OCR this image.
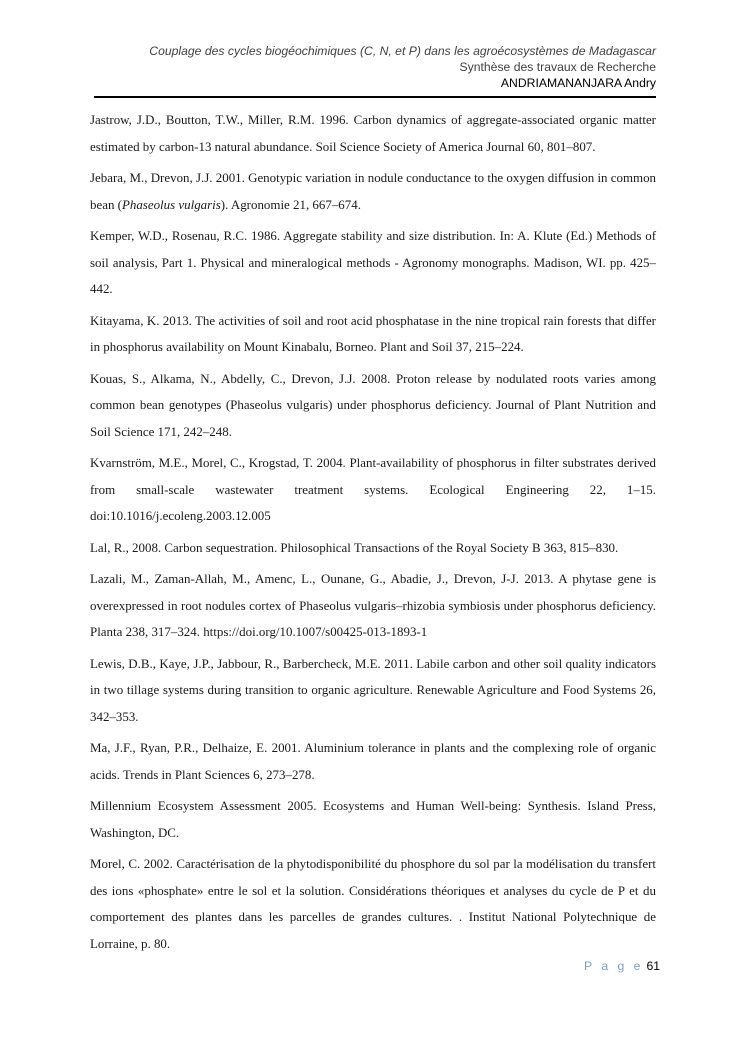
Couplage des cycles biogéochimiques (C, N, et P) dans les agroécosystèmes de Madagascar
Synthèse des travaux de Recherche
ANDRIAMANANJARA Andry

Jastrow, J.D., Boutton, T.W., Miller, R.M. 1996. Carbon dynamics of aggregate-associated organic matter estimated by carbon-13 natural abundance. Soil Science Society of America Journal 60, 801–807.

Jebara, M., Drevon, J.J. 2001. Genotypic variation in nodule conductance to the oxygen diffusion in common bean (Phaseolus vulgaris). Agronomie 21, 667–674.

Kemper, W.D., Rosenau, R.C. 1986. Aggregate stability and size distribution. In: A. Klute (Ed.) Methods of soil analysis, Part 1. Physical and mineralogical methods - Agronomy monographs. Madison, WI. pp. 425–442.

Kitayama, K. 2013. The activities of soil and root acid phosphatase in the nine tropical rain forests that differ in phosphorus availability on Mount Kinabalu, Borneo. Plant and Soil 37, 215–224.

Kouas, S., Alkama, N., Abdelly, C., Drevon, J.J. 2008. Proton release by nodulated roots varies among common bean genotypes (Phaseolus vulgaris) under phosphorus deficiency. Journal of Plant Nutrition and Soil Science 171, 242–248.

Kvarnström, M.E., Morel, C., Krogstad, T. 2004. Plant-availability of phosphorus in filter substrates derived from small-scale wastewater treatment systems. Ecological Engineering 22, 1–15. doi:10.1016/j.ecoleng.2003.12.005

Lal, R., 2008. Carbon sequestration. Philosophical Transactions of the Royal Society B 363, 815–830.

Lazali, M., Zaman-Allah, M., Amenc, L., Ounane, G., Abadie, J., Drevon, J-J. 2013. A phytase gene is overexpressed in root nodules cortex of Phaseolus vulgaris–rhizobia symbiosis under phosphorus deficiency. Planta 238, 317–324. https://doi.org/10.1007/s00425-013-1893-1

Lewis, D.B., Kaye, J.P., Jabbour, R., Barbercheck, M.E. 2011. Labile carbon and other soil quality indicators in two tillage systems during transition to organic agriculture. Renewable Agriculture and Food Systems 26, 342–353.

Ma, J.F., Ryan, P.R., Delhaize, E. 2001. Aluminium tolerance in plants and the complexing role of organic acids. Trends in Plant Sciences 6, 273–278.

Millennium Ecosystem Assessment 2005. Ecosystems and Human Well-being: Synthesis. Island Press, Washington, DC.

Morel, C. 2002. Caractérisation de la phytodisponibilité du phosphore du sol par la modélisation du transfert des ions «phosphate» entre le sol et la solution. Considérations théoriques et analyses du cycle de P et du comportement des plantes dans les parcelles de grandes cultures. . Institut National Polytechnique de Lorraine, p. 80.

P a g e 61
